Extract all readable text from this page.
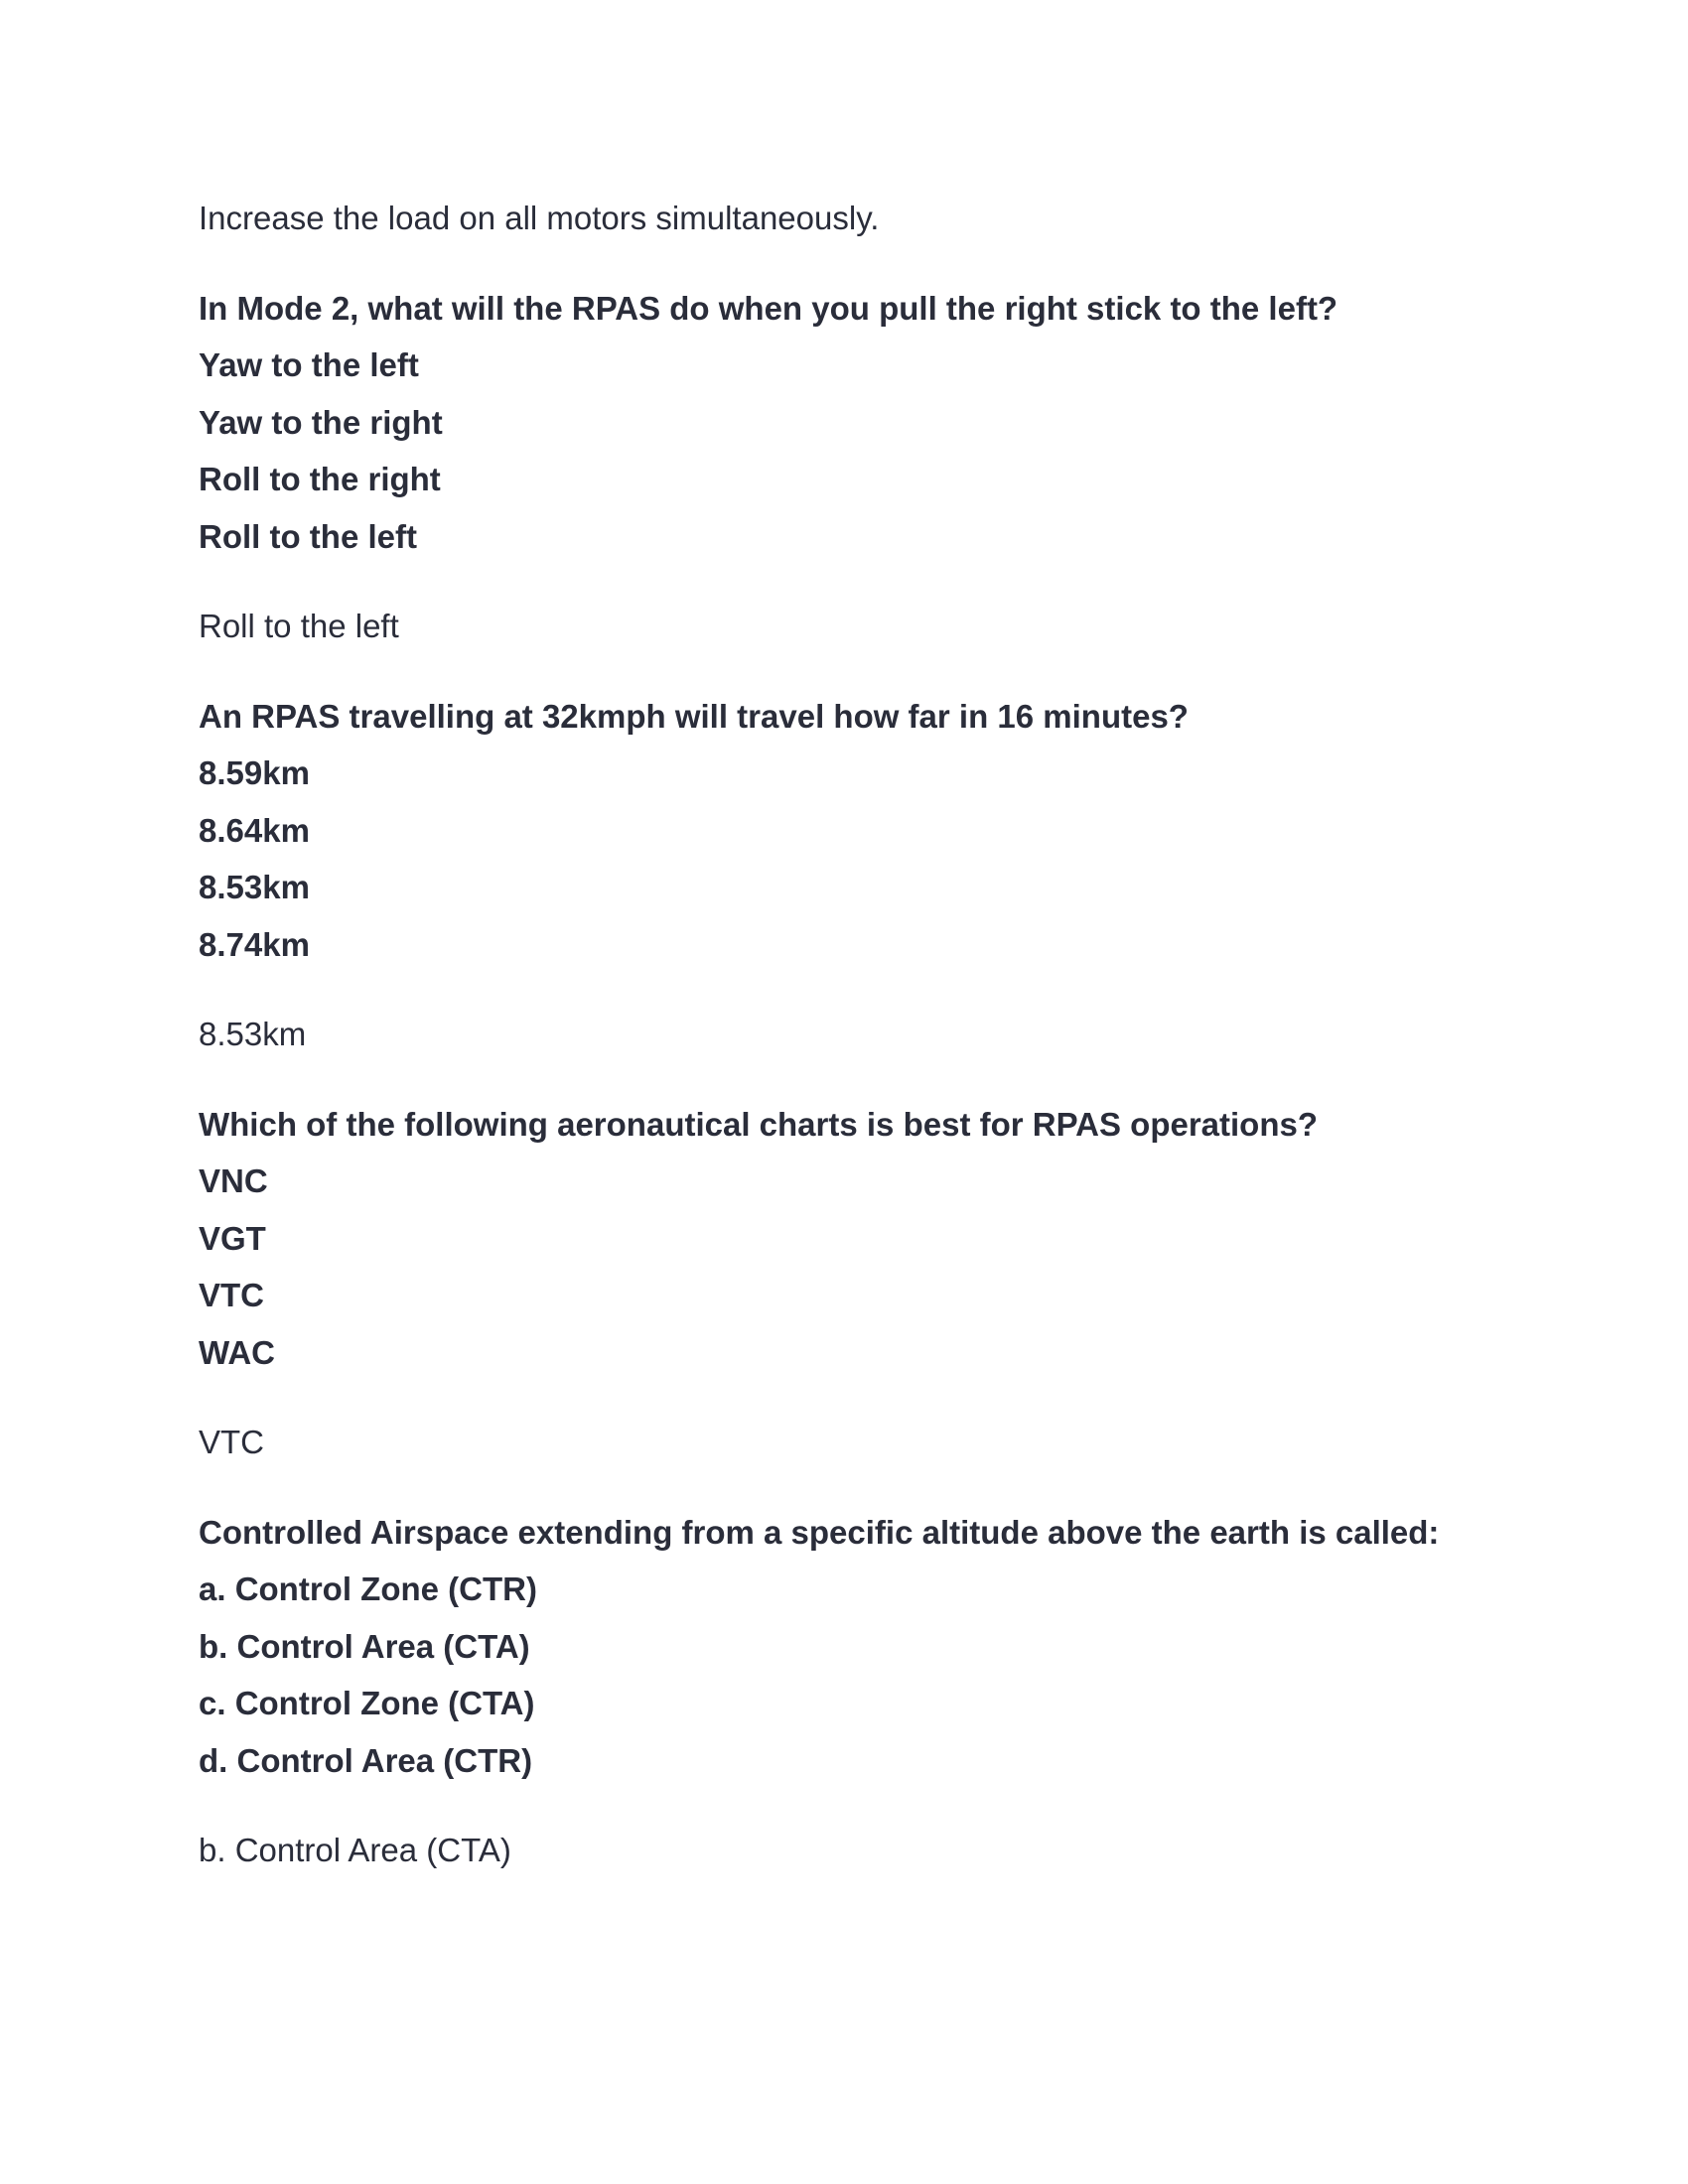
Increase the load on all motors simultaneously.

In Mode 2, what will the RPAS do when you pull the right stick to the left?

Yaw to the left
Yaw to the right
Roll to the right
Roll to the left

Roll to the left

An RPAS travelling at 32kmph will travel how far in 16 minutes?

8.59km
8.64km
8.53km
8.74km

8.53km

Which of the following aeronautical charts is best for RPAS operations?

VNC
VGT
VTC
WAC

VTC

Controlled Airspace extending from a specific altitude above the earth is called:

a. Control Zone (CTR)
b. Control Area (CTA)
c. Control Zone (CTA)
d. Control Area (CTR)

b. Control Area (CTA)
